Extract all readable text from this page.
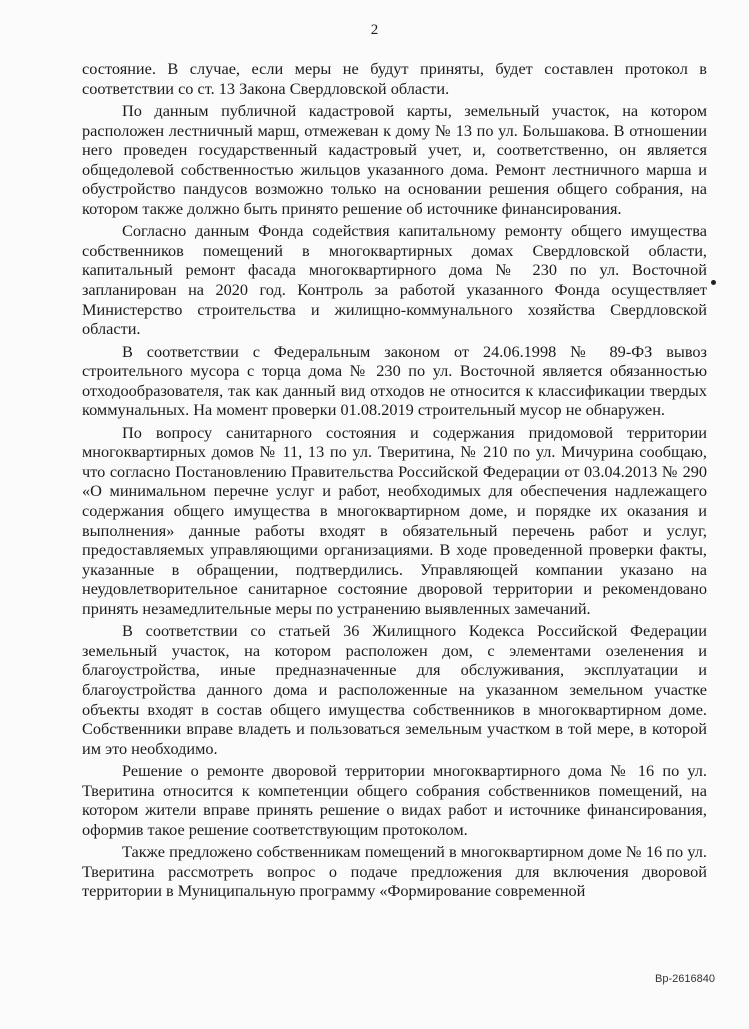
2

состояние. В случае, если меры не будут приняты, будет составлен протокол в соответствии со ст. 13 Закона Свердловской области.

По данным публичной кадастровой карты, земельный участок, на котором расположен лестничный марш, отмежеван к дому № 13 по ул. Большакова. В отношении него проведен государственный кадастровый учет, и, соответственно, он является общедолевой собственностью жильцов указанного дома. Ремонт лестничного марша и обустройство пандусов возможно только на основании решения общего собрания, на котором также должно быть принято решение об источнике финансирования.

Согласно данным Фонда содействия капитальному ремонту общего имущества собственников помещений в многоквартирных домах Свердловской области, капитальный ремонт фасада многоквартирного дома № 230 по ул. Восточной запланирован на 2020 год. Контроль за работой указанного Фонда осуществляет Министерство строительства и жилищно-коммунального хозяйства Свердловской области.

В соответствии с Федеральным законом от 24.06.1998 № 89-ФЗ вывоз строительного мусора с торца дома № 230 по ул. Восточной является обязанностью отходообразователя, так как данный вид отходов не относится к классификации твердых коммунальных. На момент проверки 01.08.2019 строительный мусор не обнаружен.

По вопросу санитарного состояния и содержания придомовой территории многоквартирных домов № 11, 13 по ул. Тверитина, № 210 по ул. Мичурина сообщаю, что согласно Постановлению Правительства Российской Федерации от 03.04.2013 № 290 «О минимальном перечне услуг и работ, необходимых для обеспечения надлежащего содержания общего имущества в многоквартирном доме, и порядке их оказания и выполнения» данные работы входят в обязательный перечень работ и услуг, предоставляемых управляющими организациями. В ходе проведенной проверки факты, указанные в обращении, подтвердились. Управляющей компании указано на неудовлетворительное санитарное состояние дворовой территории и рекомендовано принять незамедлительные меры по устранению выявленных замечаний.

В соответствии со статьей 36 Жилищного Кодекса Российской Федерации земельный участок, на котором расположен дом, с элементами озеленения и благоустройства, иные предназначенные для обслуживания, эксплуатации и благоустройства данного дома и расположенные на указанном земельном участке объекты входят в состав общего имущества собственников в многоквартирном доме. Собственники вправе владеть и пользоваться земельным участком в той мере, в которой им это необходимо.

Решение о ремонте дворовой территории многоквартирного дома № 16 по ул. Тверитина относится к компетенции общего собрания собственников помещений, на котором жители вправе принять решение о видах работ и источнике финансирования, оформив такое решение соответствующим протоколом.

Также предложено собственникам помещений в многоквартирном доме № 16 по ул. Тверитина рассмотреть вопрос о подаче предложения для включения дворовой территории в Муниципальную программу «Формирование современной

Вр-2616840
